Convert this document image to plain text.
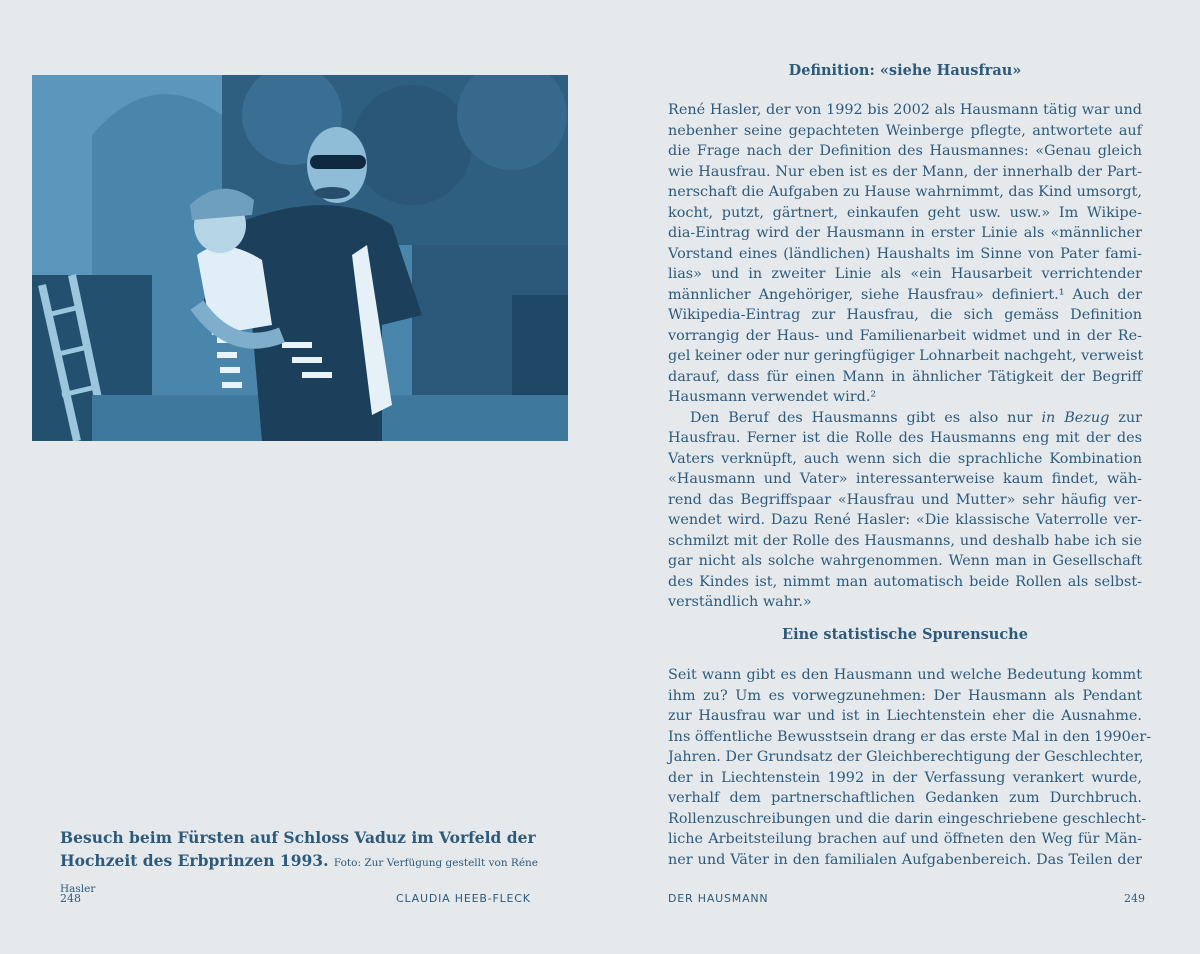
Besuch beim Fürsten auf Schloss Vaduz im Vorfeld der Hochzeit des Erbprinzen 1993. Foto: Zur Verfügung gestellt von Réne Hasler
248	CLAUDIA HEEB-FLECK
Definition: «siehe Hausfrau»
René Hasler, der von 1992 bis 2002 als Hausmann tätig war und
nebenher seine gepachteten Weinberge pflegte, antwortete auf
die Frage nach der Definition des Hausmannes: «Genau gleich
wie Hausfrau. Nur eben ist es der Mann, der innerhalb der Part-
nerschaft die Aufgaben zu Hause wahrnimmt, das Kind umsorgt,
kocht, putzt, gärtnert, einkaufen geht usw. usw.» Im Wikipe-
dia-Eintrag wird der Hausmann in erster Linie als «männlicher
Vorstand eines (ländlichen) Haushalts im Sinne von Pater fami-
lias» und in zweiter Linie als «ein Hausarbeit verrichtender
männlicher Angehöriger, siehe Hausfrau» definiert.¹ Auch der
Wikipedia-Eintrag zur Hausfrau, die sich gemäss Definition
vorrangig der Haus- und Familienarbeit widmet und in der Re-
gel keiner oder nur geringfügiger Lohnarbeit nachgeht, verweist
darauf, dass für einen Mann in ähnlicher Tätigkeit der Begriff
Hausmann verwendet wird.²
Den Beruf des Hausmanns gibt es also nur in Bezug zur
Hausfrau. Ferner ist die Rolle des Hausmanns eng mit der des
Vaters verknüpft, auch wenn sich die sprachliche Kombination
«Hausmann und Vater» interessanterweise kaum findet, wäh-
rend das Begriffspaar «Hausfrau und Mutter» sehr häufig ver-
wendet wird. Dazu René Hasler: «Die klassische Vaterrolle ver-
schmilzt mit der Rolle des Hausmanns, und deshalb habe ich sie
gar nicht als solche wahrgenommen. Wenn man in Gesellschaft
des Kindes ist, nimmt man automatisch beide Rollen als selbst-
verständlich wahr.»
Eine statistische Spurensuche
Seit wann gibt es den Hausmann und welche Bedeutung kommt
ihm zu? Um es vorwegzunehmen: Der Hausmann als Pendant
zur Hausfrau war und ist in Liechtenstein eher die Ausnahme.
Ins öffentliche Bewusstsein drang er das erste Mal in den 1990er-
Jahren. Der Grundsatz der Gleichberechtigung der Geschlechter,
der in Liechtenstein 1992 in der Verfassung verankert wurde,
verhalf dem partnerschaftlichen Gedanken zum Durchbruch.
Rollenzuschreibungen und die darin eingeschriebene geschlecht-
liche Arbeitsteilung brachen auf und öffneten den Weg für Män-
ner und Väter in den familialen Aufgabenbereich. Das Teilen der
DER HAUSMANN	249
